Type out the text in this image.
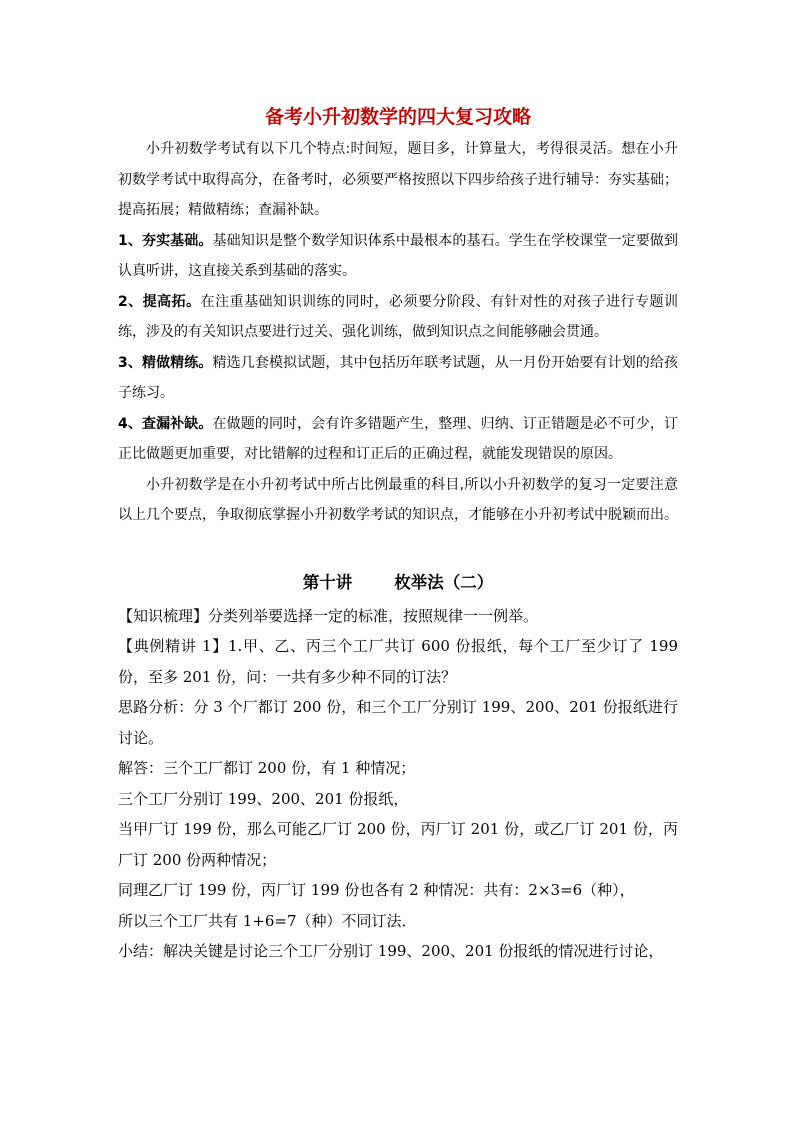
备考小升初数学的四大复习攻略

小升初数学考试有以下几个特点:时间短，题目多，计算量大，考得很灵活。想在小升初数学考试中取得高分，在备考时，必须要严格按照以下四步给孩子进行辅导：夯实基础；提高拓展；精做精练；查漏补缺。

1、夯实基础。基础知识是整个数学知识体系中最根本的基石。学生在学校课堂一定要做到认真听讲，这直接关系到基础的落实。

2、提高拓。在注重基础知识训练的同时，必须要分阶段、有针对性的对孩子进行专题训练，涉及的有关知识点要进行过关、强化训练，做到知识点之间能够融会贯通。

3、精做精练。精选几套模拟试题，其中包括历年联考试题，从一月份开始要有计划的给孩子练习。

4、查漏补缺。在做题的同时，会有许多错题产生，整理、归纳、订正错题是必不可少，订正比做题更加重要，对比错解的过程和订正后的正确过程，就能发现错误的原因。

小升初数学是在小升初考试中所占比例最重的科目,所以小升初数学的复习一定要注意以上几个要点，争取彻底掌握小升初数学考试的知识点，才能够在小升初考试中脱颖而出。

第十讲	枚举法（二）

【知识梳理】分类列举要选择一定的标准，按照规律一一例举。

【典例精讲 1】1.甲、乙、丙三个工厂共订 600 份报纸，每个工厂至少订了 199 份，至多 201 份，问：一共有多少种不同的订法？

思路分析：分 3 个厂都订 200 份，和三个工厂分别订 199、200、201 份报纸进行讨论。

解答：三个工厂都订 200 份，有 1 种情况；

三个工厂分别订 199、200、201 份报纸，

当甲厂订 199 份，那么可能乙厂订 200 份，丙厂订 201 份，或乙厂订 201 份，丙厂订 200 份两种情况；

同理乙厂订 199 份，丙厂订 199 份也各有 2 种情况：共有：2×3=6（种），

所以三个工厂共有 1+6=7（种）不同订法．

小结：解决关键是讨论三个工厂分别订 199、200、201 份报纸的情况进行讨论，
